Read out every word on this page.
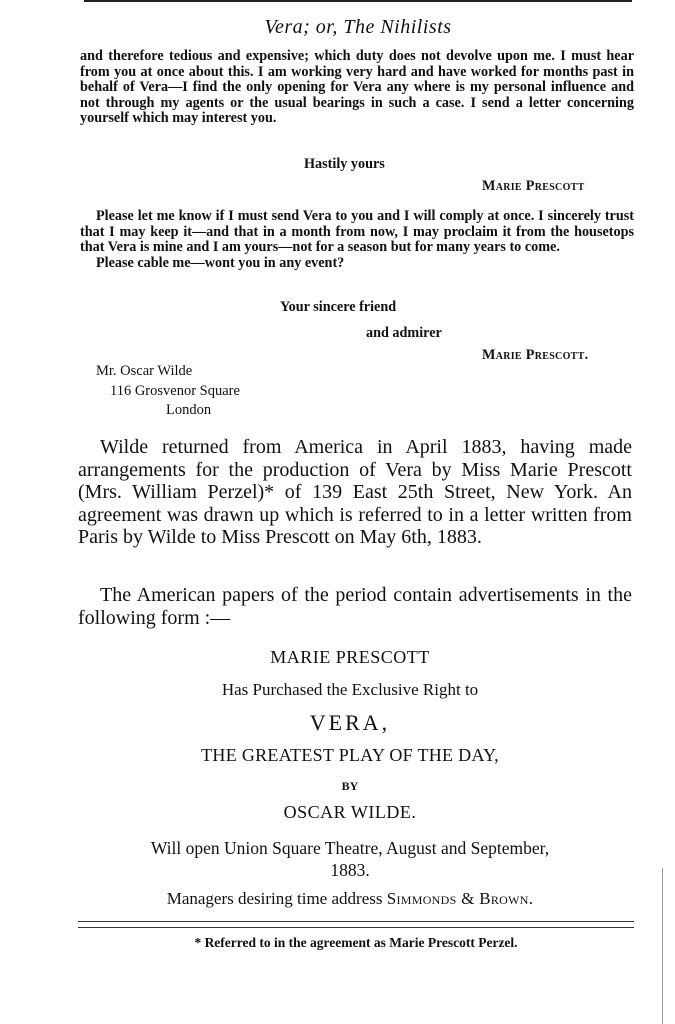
Vera; or, The Nihilists
and therefore tedious and expensive; which duty does not devolve upon me. I must hear from you at once about this. I am working very hard and have worked for months past in behalf of Vera—I find the only opening for Vera any where is my personal influence and not through my agents or the usual bearings in such a case. I send a letter concerning yourself which may interest you.
Hastily yours
Marie Prescott
Please let me know if I must send Vera to you and I will comply at once. I sincerely trust that I may keep it—and that in a month from now, I may proclaim it from the housetops that Vera is mine and I am yours—not for a season but for many years to come.
Please cable me—wont you in any event?
Your sincere friend
and admirer
Marie Prescott.
Mr. Oscar Wilde
116 Grosvenor Square
London
Wilde returned from America in April 1883, having made arrangements for the production of Vera by Miss Marie Prescott (Mrs. William Perzel)* of 139 East 25th Street, New York. An agreement was drawn up which is referred to in a letter written from Paris by Wilde to Miss Prescott on May 6th, 1883.
The American papers of the period contain advertisements in the following form :—
MARIE PRESCOTT
Has Purchased the Exclusive Right to
VERA,
THE GREATEST PLAY OF THE DAY,
BY
OSCAR WILDE.
Will open Union Square Theatre, August and September,
1883.
Managers desiring time address Simmonds & Brown.
* Referred to in the agreement as Marie Prescott Perzel.
